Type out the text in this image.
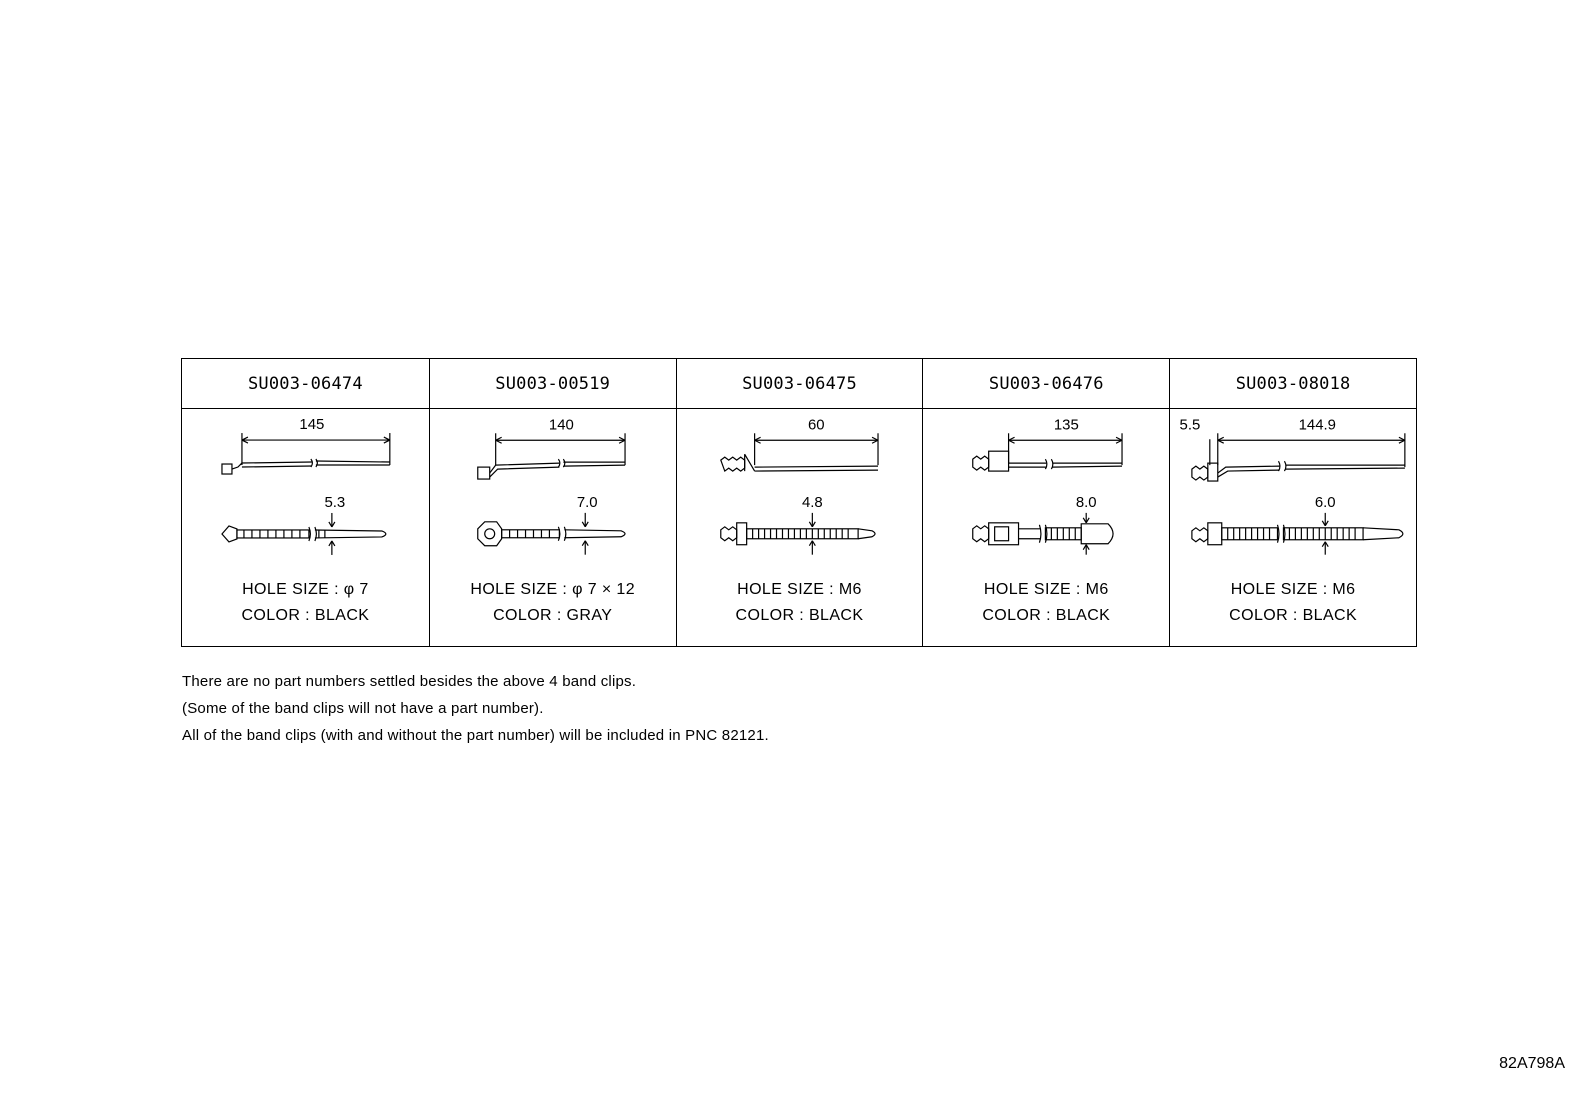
SU003-06474
145
5.3
HOLE SIZE : φ 7
COLOR : BLACK
SU003-00519
140
7.0
HOLE SIZE : φ 7 × 12
COLOR : GRAY
SU003-06475
60
4.8
HOLE SIZE : M6
COLOR : BLACK
SU003-06476
135
8.0
HOLE SIZE : M6
COLOR : BLACK
SU003-08018
5.5	144.9
6.0
HOLE SIZE : M6
COLOR : BLACK
There are no part numbers settled besides the above 4 band clips.
(Some of the band clips will not have a part number).
All of the band clips (with and without the part number) will be included in PNC 82121.
82A798A
